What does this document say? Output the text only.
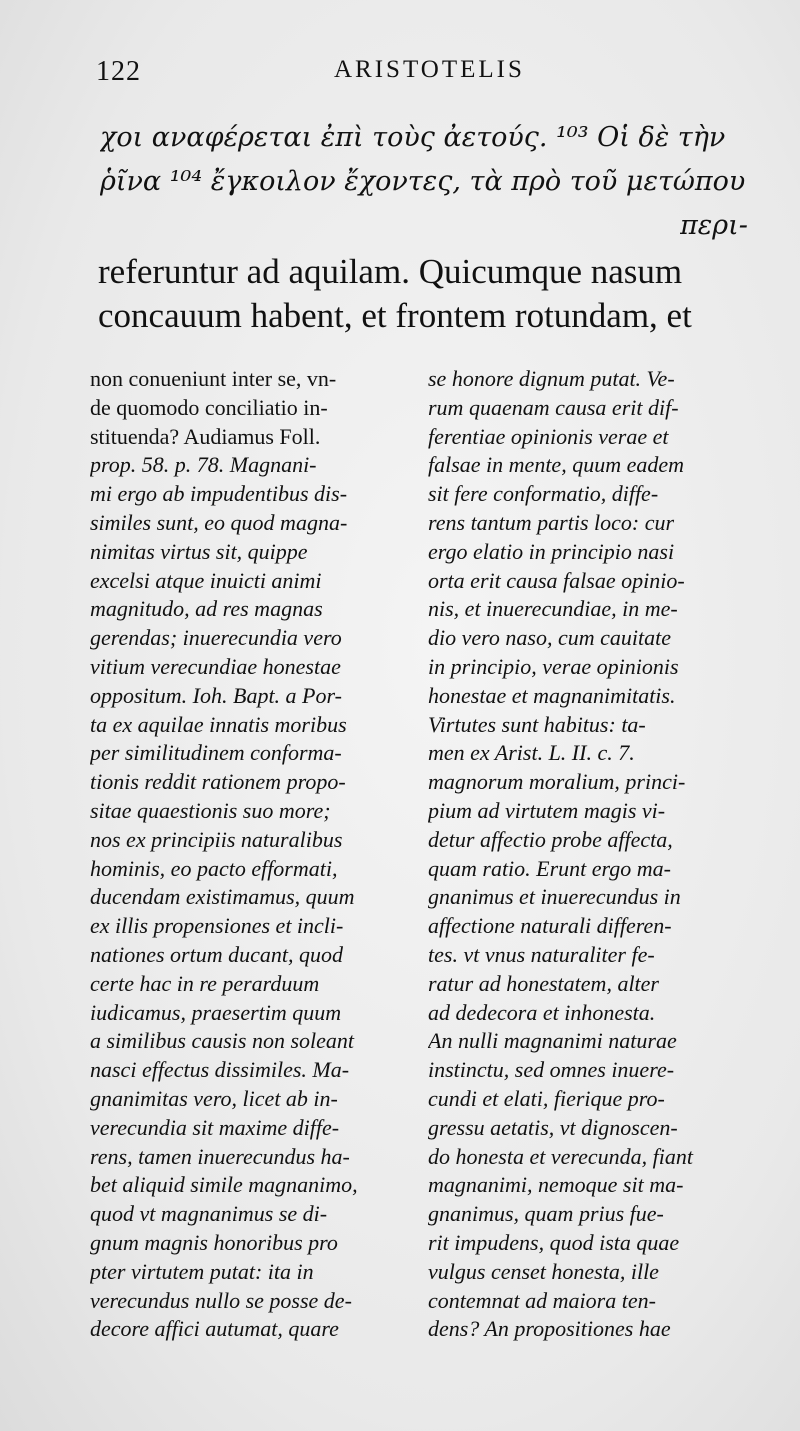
122	ARISTOTELIS
χοι αναφέρεται ἐπὶ τοὺς ἀετούς. ¹⁰³ Οἱ δὲ τὴν
ῥῖνα ¹⁰⁴ ἔγκοιλον ἔχοντες, τὰ πρὸ τοῦ μετώπου
περι-
referuntur ad aquilam. Quicumque nasum
concauum habent, et frontem rotundam, et
non conueniunt inter se, vn-
de quomodo conciliatio in-
stituenda? Audiamus Foll.
prop. 58. p. 78. Magnani-
mi ergo ab impudentibus dis-
similes sunt, eo quod magna-
nimitas virtus sit, quippe
excelsi atque inuicti animi
magnitudo, ad res magnas
gerendas; inuerecundia vero
vitium verecundiae honestae
oppositum. Ioh. Bapt. a Por-
ta ex aquilae innatis moribus
per similitudinem conforma-
tionis reddit rationem propo-
sitae quaestionis suo more;
nos ex principiis naturalibus
hominis, eo pacto efformati,
ducendam existimamus, quum
ex illis propensiones et incli-
nationes ortum ducant, quod
certe hac in re perarduum
iudicamus, praesertim quum
a similibus causis non soleant
nasci effectus dissimiles. Ma-
gnanimitas vero, licet ab in-
verecundia sit maxime diffe-
rens, tamen inuerecundus ha-
bet aliquid simile magnanimo,
quod vt magnanimus se di-
gnum magnis honoribus pro
pter virtutem putat: ita in
verecundus nullo se posse de-
decore affici autumat, quare
se honore dignum putat. Ve-
rum quaenam causa erit dif-
ferentiae opinionis verae et
falsae in mente, quum eadem
sit fere conformatio, diffe-
rens tantum partis loco: cur
ergo elatio in principio nasi
orta erit causa falsae opinio-
nis, et inuerecundiae, in me-
dio vero naso, cum cauitate
in principio, verae opinionis
honestae et magnanimitatis.
Virtutes sunt habitus: ta-
men ex Arist. L. II. c. 7.
magnorum moralium, princi-
pium ad virtutem magis vi-
detur affectio probe affecta,
quam ratio. Erunt ergo ma-
gnanimus et inuerecundus in
affectione naturali differen-
tes. vt vnus naturaliter fe-
ratur ad honestatem, alter
ad dedecora et inhonesta.
An nulli magnanimi naturae
instinctu, sed omnes inuere-
cundi et elati, fierique pro-
gressu aetatis, vt dignoscen-
do honesta et verecunda, fiant
magnanimi, nemoque sit ma-
gnanimus, quam prius fue-
rit impudens, quod ista quae
vulgus censet honesta, ille
contemnat ad maiora ten-
dens? An propositiones hae
